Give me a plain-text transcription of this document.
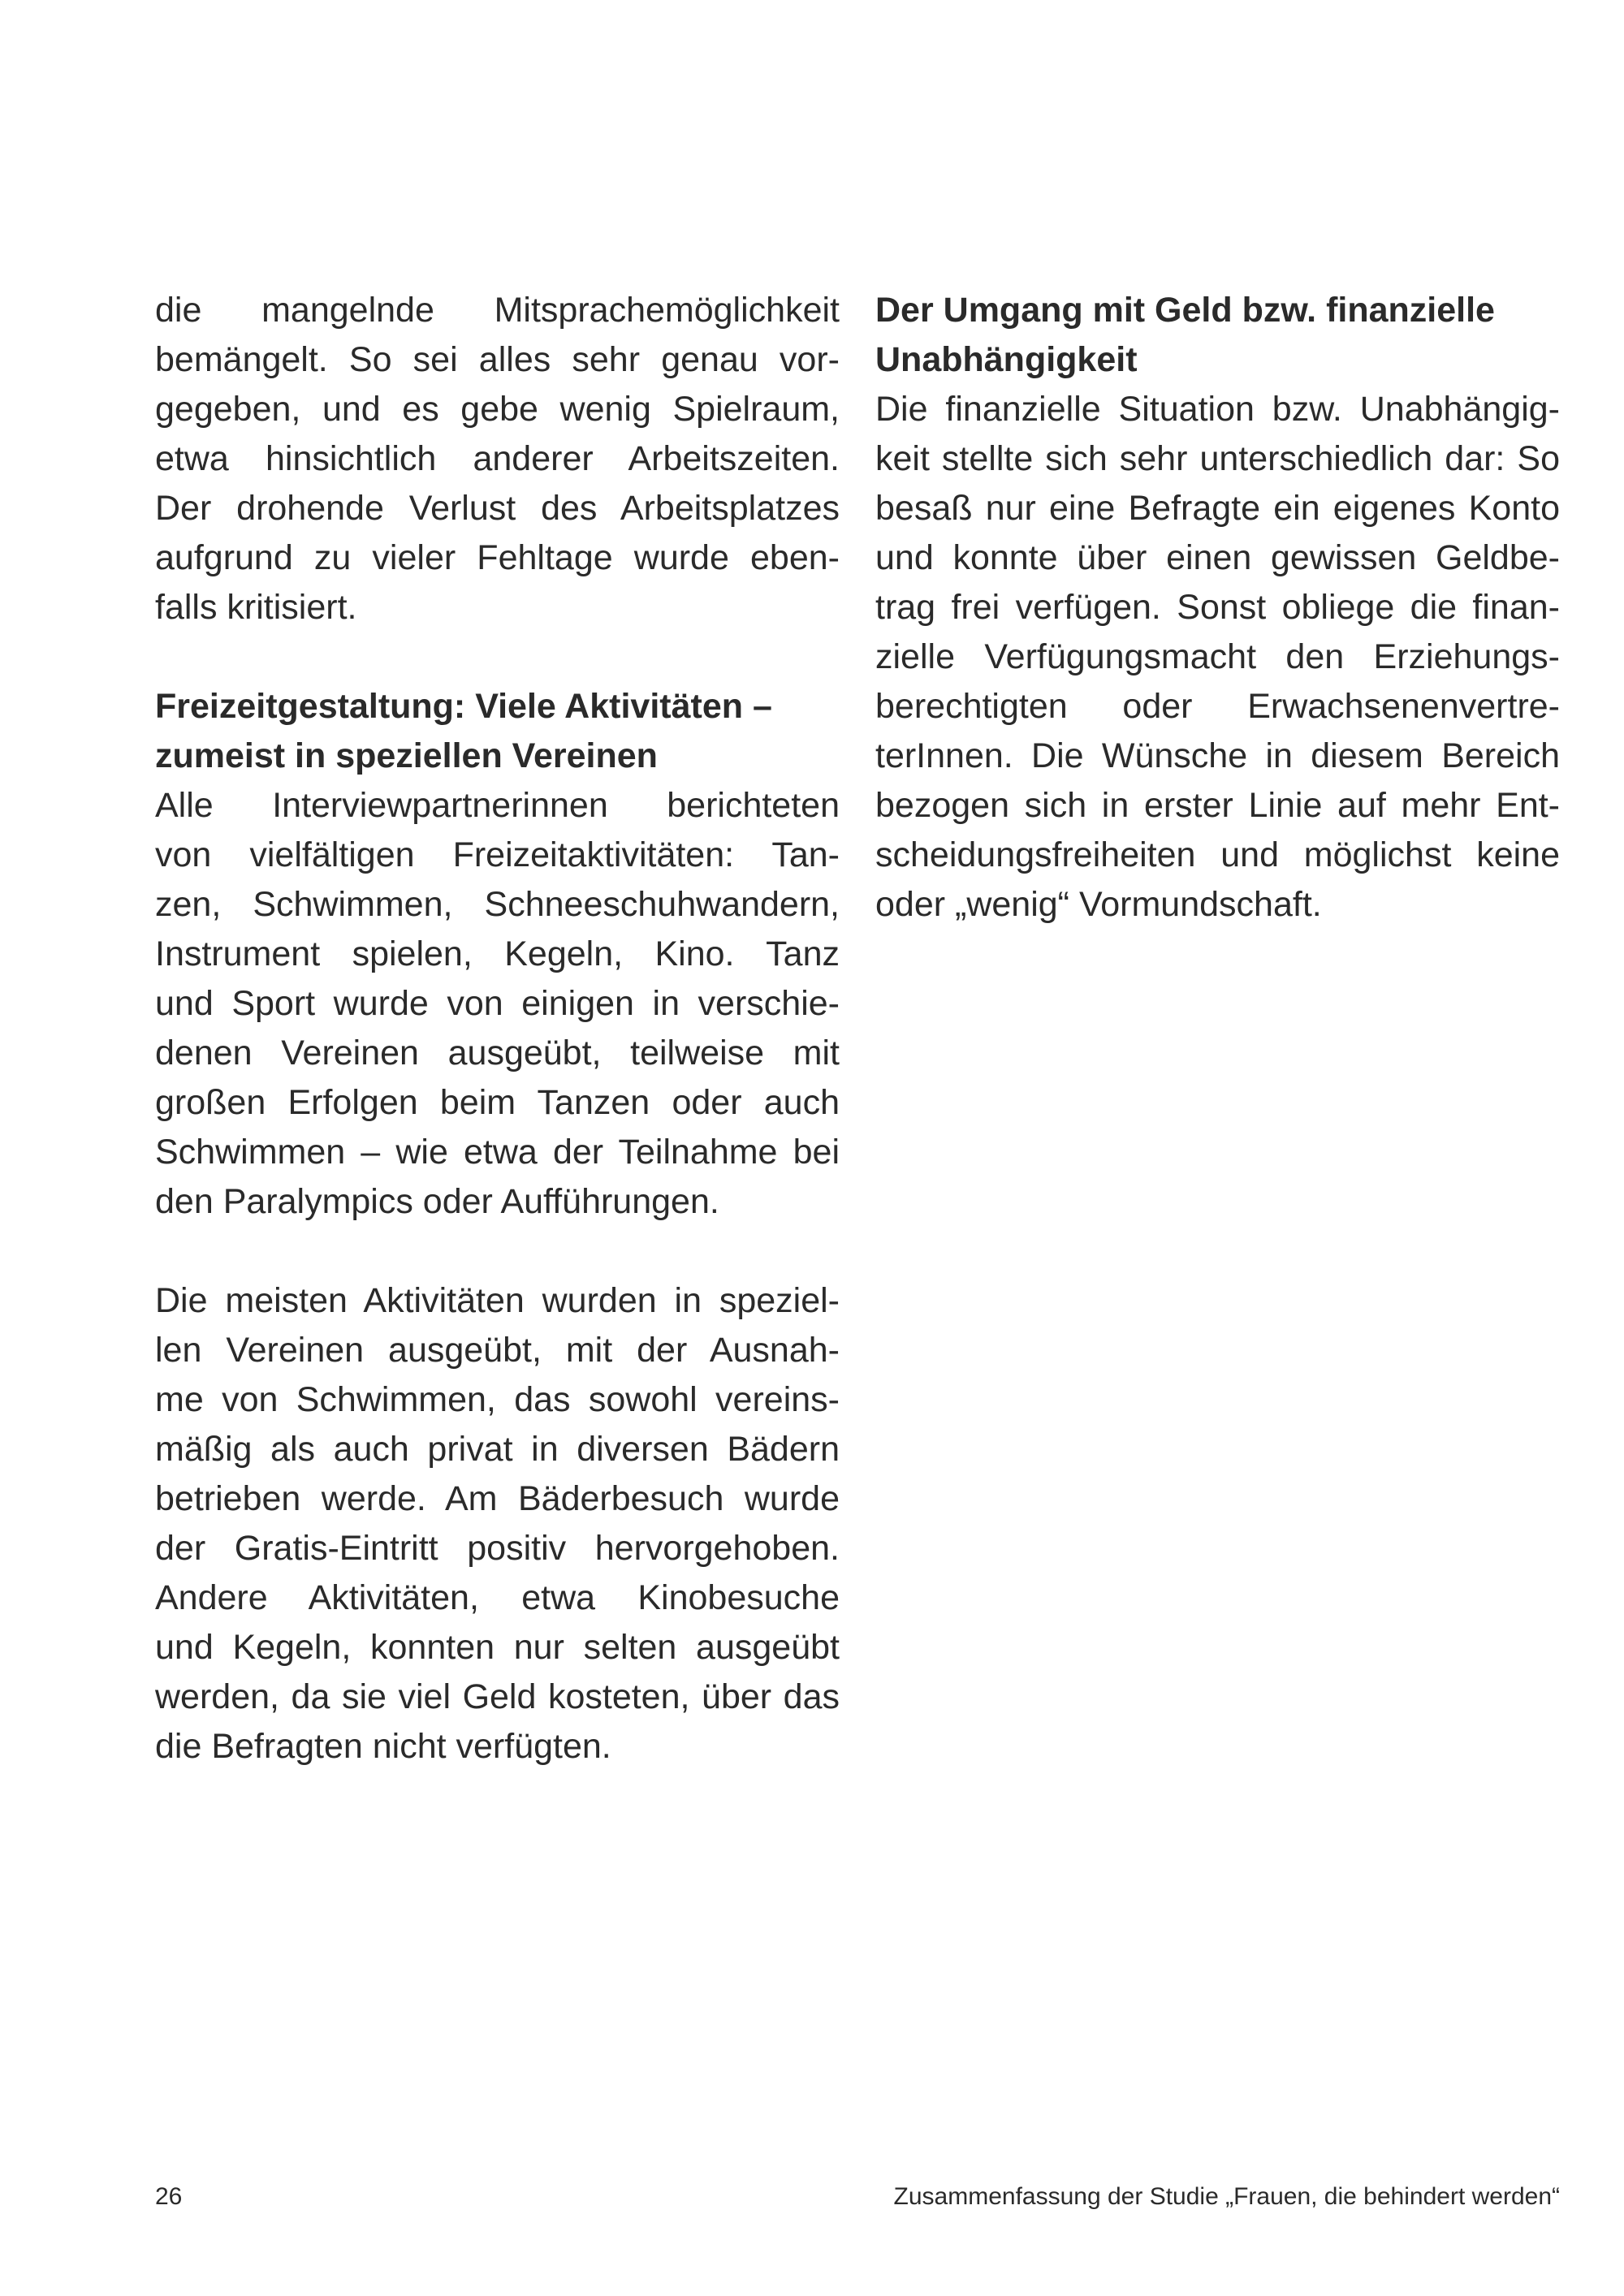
die mangelnde Mitsprachemöglichkeit
bemängelt. So sei alles sehr genau vor-
gegeben, und es gebe wenig Spielraum,
etwa hinsichtlich anderer Arbeitszeiten.
Der drohende Verlust des Arbeitsplatzes
aufgrund zu vieler Fehltage wurde eben-
falls kritisiert.
Freizeitgestaltung: Viele Aktivitäten –
zumeist in speziellen Vereinen
Alle Interviewpartnerinnen berichteten
von vielfältigen Freizeitaktivitäten: Tan-
zen, Schwimmen, Schneeschuhwandern,
Instrument spielen, Kegeln, Kino. Tanz
und Sport wurde von einigen in verschie-
denen Vereinen ausgeübt, teilweise mit
großen Erfolgen beim Tanzen oder auch
Schwimmen – wie etwa der Teilnahme bei
den Paralympics oder Aufführungen.
Die meisten Aktivitäten wurden in speziel-
len Vereinen ausgeübt, mit der Ausnah-
me von Schwimmen, das sowohl vereins-
mäßig als auch privat in diversen Bädern
betrieben werde. Am Bäderbesuch wurde
der Gratis-Eintritt positiv hervorgehoben.
Andere Aktivitäten, etwa Kinobesuche
und Kegeln, konnten nur selten ausgeübt
werden, da sie viel Geld kosteten, über das
die Befragten nicht verfügten.
Der Umgang mit Geld bzw. finanzielle
Unabhängigkeit
Die finanzielle Situation bzw. Unabhängig-
keit stellte sich sehr unterschiedlich dar: So
besaß nur eine Befragte ein eigenes Konto
und konnte über einen gewissen Geldbe-
trag frei verfügen. Sonst obliege die finan-
zielle Verfügungsmacht den Erziehungs-
berechtigten oder Erwachsenenvertre-
terInnen. Die Wünsche in diesem Bereich
bezogen sich in erster Linie auf mehr Ent-
scheidungsfreiheiten und möglichst keine
oder „wenig“ Vormundschaft.
26	Zusammenfassung der Studie „Frauen, die behindert werden“
